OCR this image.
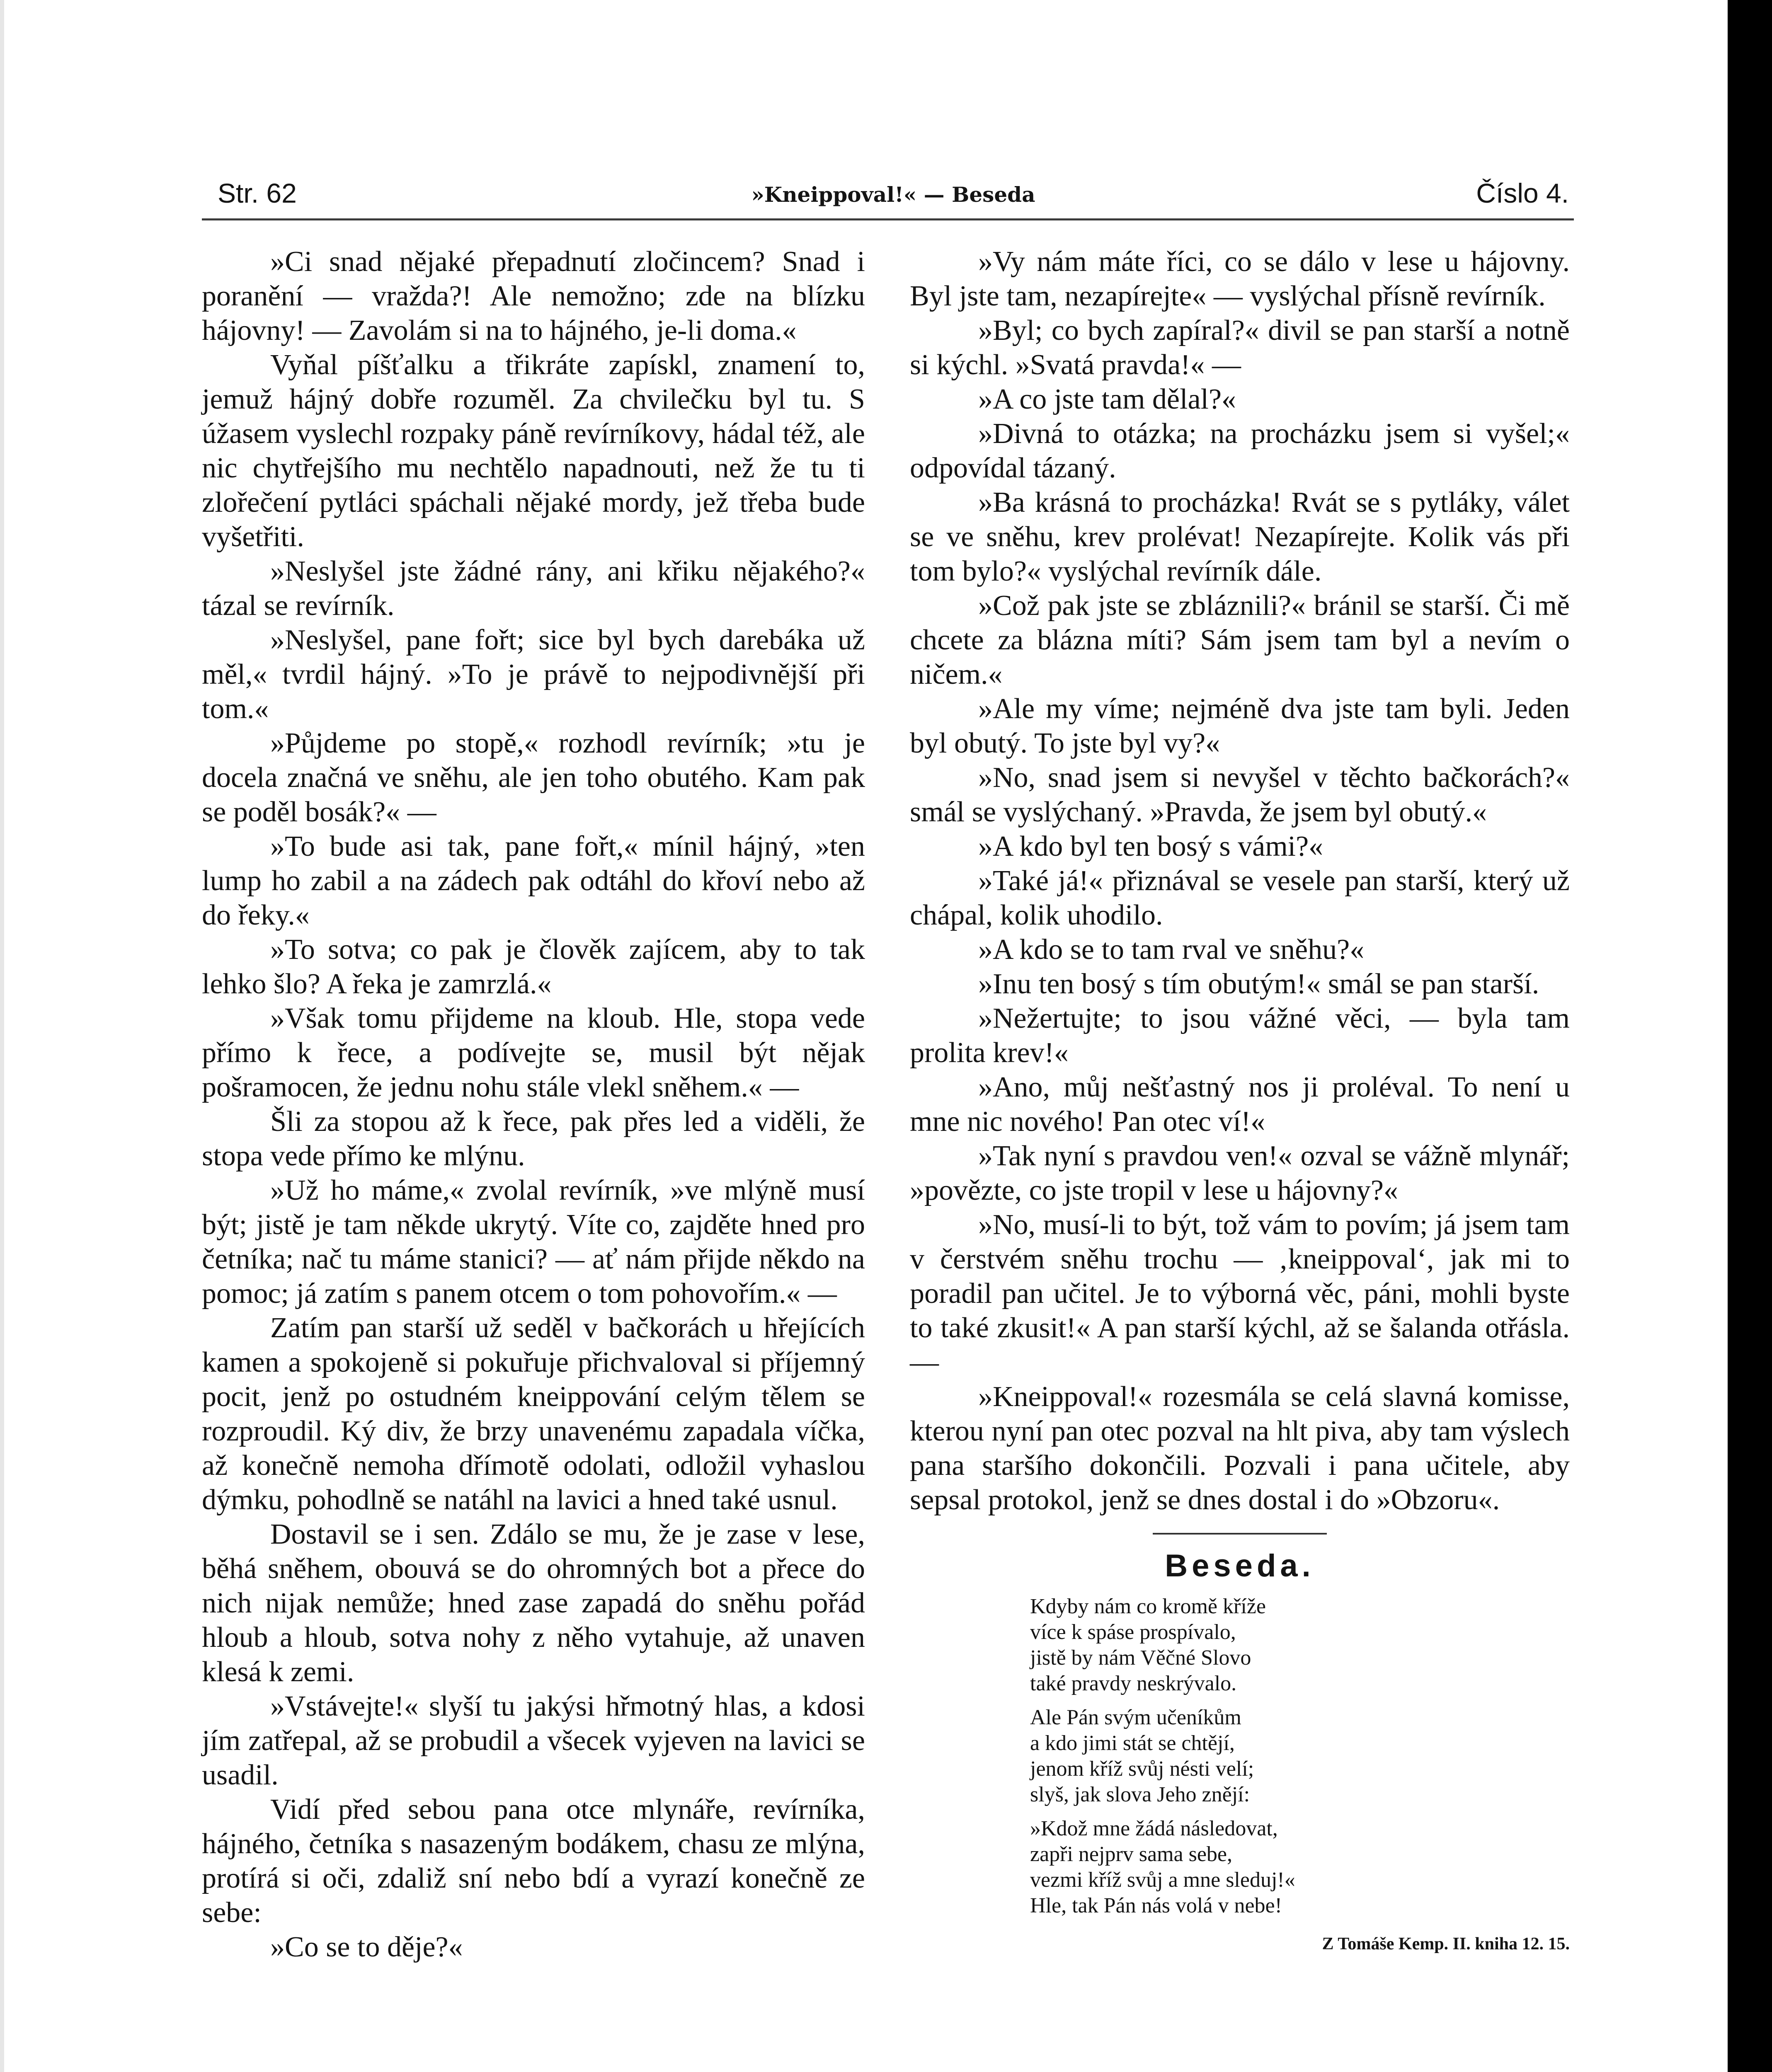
Str. 62	»Kneippoval!« — Beseda	Číslo 4.

»Ci snad nějaké přepadnutí zločincem? Snad i poranění — vražda?! Ale nemožno; zde na blízku hájovny! — Zavolám si na to hájného, je-li doma.«

Vyňal píšťalku a třikráte zapískl, znamení to, jemuž hájný dobře rozuměl. Za chvilečku byl tu. S úžasem vyslechl rozpaky páně revírníkovy, hádal též, ale nic chytřejšího mu nechtělo napadnouti, než že tu ti zlořečení pytláci spáchali nějaké mordy, jež třeba bude vyšetřiti.

»Neslyšel jste žádné rány, ani křiku nějakého?« tázal se revírník.

»Neslyšel, pane fořt; sice byl bych darebáka už měl,« tvrdil hájný. »To je právě to nejpodivnější při tom.«

»Půjdeme po stopě,« rozhodl revírník; »tu je docela značná ve sněhu, ale jen toho obutého. Kam pak se poděl bosák?« —

»To bude asi tak, pane fořt,« mínil hájný, »ten lump ho zabil a na zádech pak odtáhl do křoví nebo až do řeky.«

»To sotva; co pak je člověk zajícem, aby to tak lehko šlo? A řeka je zamrzlá.«

»Však tomu přijdeme na kloub. Hle, stopa vede přímo k řece, a podívejte se, musil být nějak pošramocen, že jednu nohu stále vlekl sněhem.« —

Šli za stopou až k řece, pak přes led a viděli, že stopa vede přímo ke mlýnu.

»Už ho máme,« zvolal revírník, »ve mlýně musí být; jistě je tam někde ukrytý. Víte co, zajděte hned pro četníka; nač tu máme stanici? — ať nám přijde někdo na pomoc; já zatím s panem otcem o tom pohovořím.« —

Zatím pan starší už seděl v bačkorách u hřejících kamen a spokojeně si pokuřuje přichvaloval si příjemný pocit, jenž po ostudném kneippování celým tělem se rozproudil. Ký div, že brzy unavenému zapadala víčka, až konečně nemoha dřímotě odolati, odložil vyhaslou dýmku, pohodlně se natáhl na lavici a hned také usnul.

Dostavil se i sen. Zdálo se mu, že je zase v lese, běhá sněhem, obouvá se do ohromných bot a přece do nich nijak nemůže; hned zase zapadá do sněhu pořád hloub a hloub, sotva nohy z něho vytahuje, až unaven klesá k zemi.

»Vstávejte!« slyší tu jakýsi hřmotný hlas, a kdosi jím zatřepal, až se probudil a všecek vyjeven na lavici se usadil.

Vidí před sebou pana otce mlynáře, revírníka, hájného, četníka s nasazeným bodákem, chasu ze mlýna, protírá si oči, zdaliž sní nebo bdí a vyrazí konečně ze sebe:

»Co se to děje?«

»Vy nám máte říci, co se dálo v lese u hájovny. Byl jste tam, nezapírejte« — vyslýchal přísně revírník.

»Byl; co bych zapíral?« divil se pan starší a notně si kýchl. »Svatá pravda!« —

»A co jste tam dělal?«

»Divná to otázka; na procházku jsem si vyšel;« odpovídal tázaný.

»Ba krásná to procházka! Rvát se s pytláky, válet se ve sněhu, krev prolévat! Nezapírejte. Kolik vás při tom bylo?« vyslýchal revírník dále.

»Což pak jste se zbláznili?« bránil se starší. Či mě chcete za blázna míti? Sám jsem tam byl a nevím o ničem.«

»Ale my víme; nejméně dva jste tam byli. Jeden byl obutý. To jste byl vy?«

»No, snad jsem si nevyšel v těchto bačkorách?« smál se vyslýchaný. »Pravda, že jsem byl obutý.«

»A kdo byl ten bosý s vámi?«

»Také já!« přiznával se vesele pan starší, který už chápal, kolik uhodilo.

»A kdo se to tam rval ve sněhu?«

»Inu ten bosý s tím obutým!« smál se pan starší.

»Nežertujte; to jsou vážné věci, — byla tam prolita krev!«

»Ano, můj nešťastný nos ji proléval. To není u mne nic nového! Pan otec ví!«

»Tak nyní s pravdou ven!« ozval se vážně mlynář; »povězte, co jste tropil v lese u hájovny?«

»No, musí-li to být, tož vám to povím; já jsem tam v čerstvém sněhu trochu — ‚kneippoval‘, jak mi to poradil pan učitel. Je to výborná věc, páni, mohli byste to také zkusit!« A pan starší kýchl, až se šalanda otřásla. —

»Kneippoval!« rozesmála se celá slavná komisse, kterou nyní pan otec pozval na hlt piva, aby tam výslech pana staršího dokončili. Pozvali i pana učitele, aby sepsal protokol, jenž se dnes dostal i do »Obzoru«.

Beseda.
Kdyby nám co kromě kříže
více k spáse prospívalo,
jistě by nám Věčné Slovo
také pravdy neskrývalo.
Ale Pán svým učeníkům
a kdo jimi stát se chtějí,
jenom kříž svůj nésti velí;
slyš, jak slova Jeho znějí:
»Kdož mne žádá následovat,
zapři nejprv sama sebe,
vezmi kříž svůj a mne sleduj!«
Hle, tak Pán nás volá v nebe!
Z Tomáše Kemp. II. kniha 12. 15.
